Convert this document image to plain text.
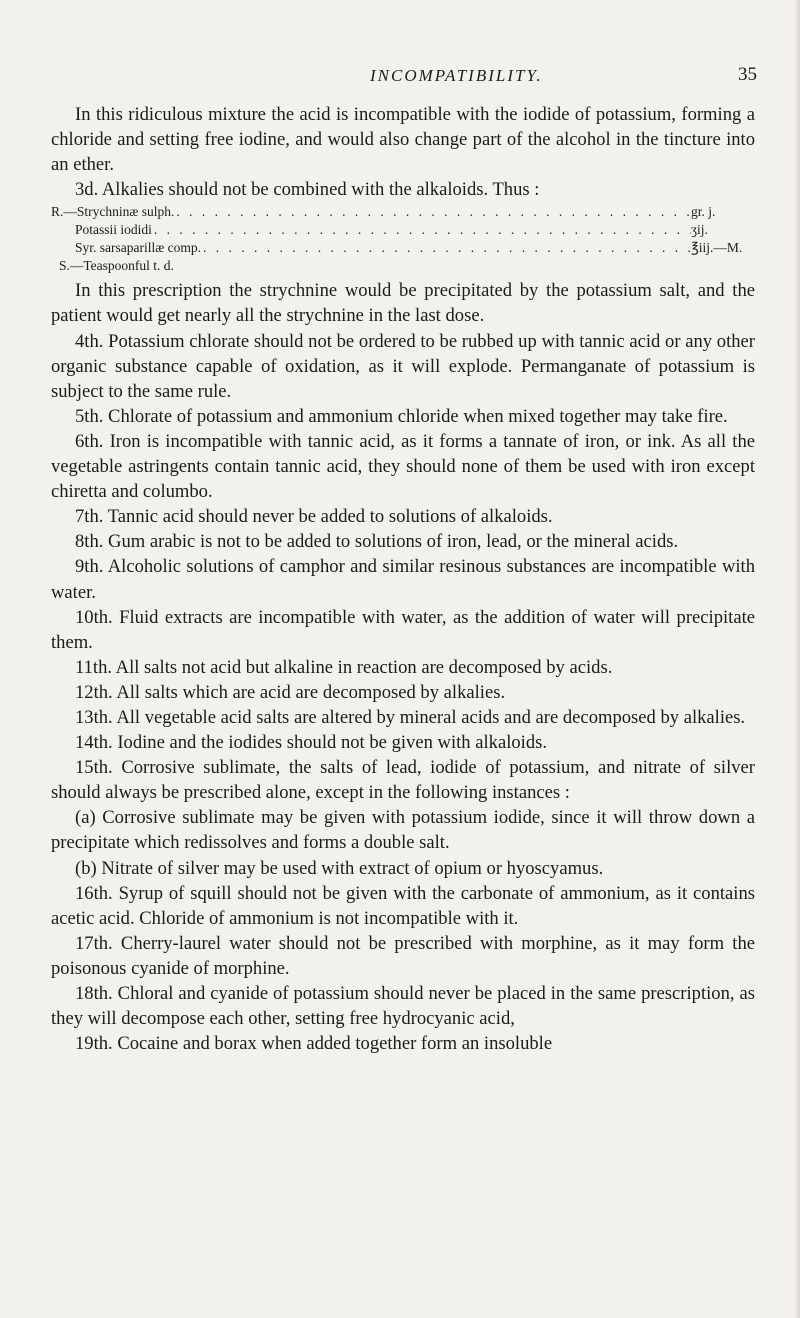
INCOMPATIBILITY.	35

In this ridiculous mixture the acid is incompatible with the iodide of potassium, forming a chloride and setting free iodine, and would also change part of the alcohol in the tincture into an ether.

3d. Alkalies should not be combined with the alkaloids. Thus :

R.—Strychninæ sulph. . . .	gr. j.
Potassii iodidi . . .	ʒij.
Syr. sarsaparillæ comp. . . .	℥iij.—M.
S.—Teaspoonful t. d.

In this prescription the strychnine would be precipitated by the potassium salt, and the patient would get nearly all the strychnine in the last dose.

4th. Potassium chlorate should not be ordered to be rubbed up with tannic acid or any other organic substance capable of oxidation, as it will explode. Permanganate of potassium is subject to the same rule.

5th. Chlorate of potassium and ammonium chloride when mixed together may take fire.

6th. Iron is incompatible with tannic acid, as it forms a tannate of iron, or ink. As all the vegetable astringents contain tannic acid, they should none of them be used with iron except chiretta and columbo.

7th. Tannic acid should never be added to solutions of alkaloids.

8th. Gum arabic is not to be added to solutions of iron, lead, or the mineral acids.

9th. Alcoholic solutions of camphor and similar resinous substances are incompatible with water.

10th. Fluid extracts are incompatible with water, as the addition of water will precipitate them.

11th. All salts not acid but alkaline in reaction are decomposed by acids.

12th. All salts which are acid are decomposed by alkalies.

13th. All vegetable acid salts are altered by mineral acids and are decomposed by alkalies.

14th. Iodine and the iodides should not be given with alkaloids.

15th. Corrosive sublimate, the salts of lead, iodide of potassium, and nitrate of silver should always be prescribed alone, except in the following instances :

(a) Corrosive sublimate may be given with potassium iodide, since it will throw down a precipitate which redissolves and forms a double salt.

(b) Nitrate of silver may be used with extract of opium or hyoscyamus.

16th. Syrup of squill should not be given with the carbonate of ammonium, as it contains acetic acid. Chloride of ammonium is not incompatible with it.

17th. Cherry-laurel water should not be prescribed with morphine, as it may form the poisonous cyanide of morphine.

18th. Chloral and cyanide of potassium should never be placed in the same prescription, as they will decompose each other, setting free hydrocyanic acid,

19th. Cocaine and borax when added together form an insoluble
